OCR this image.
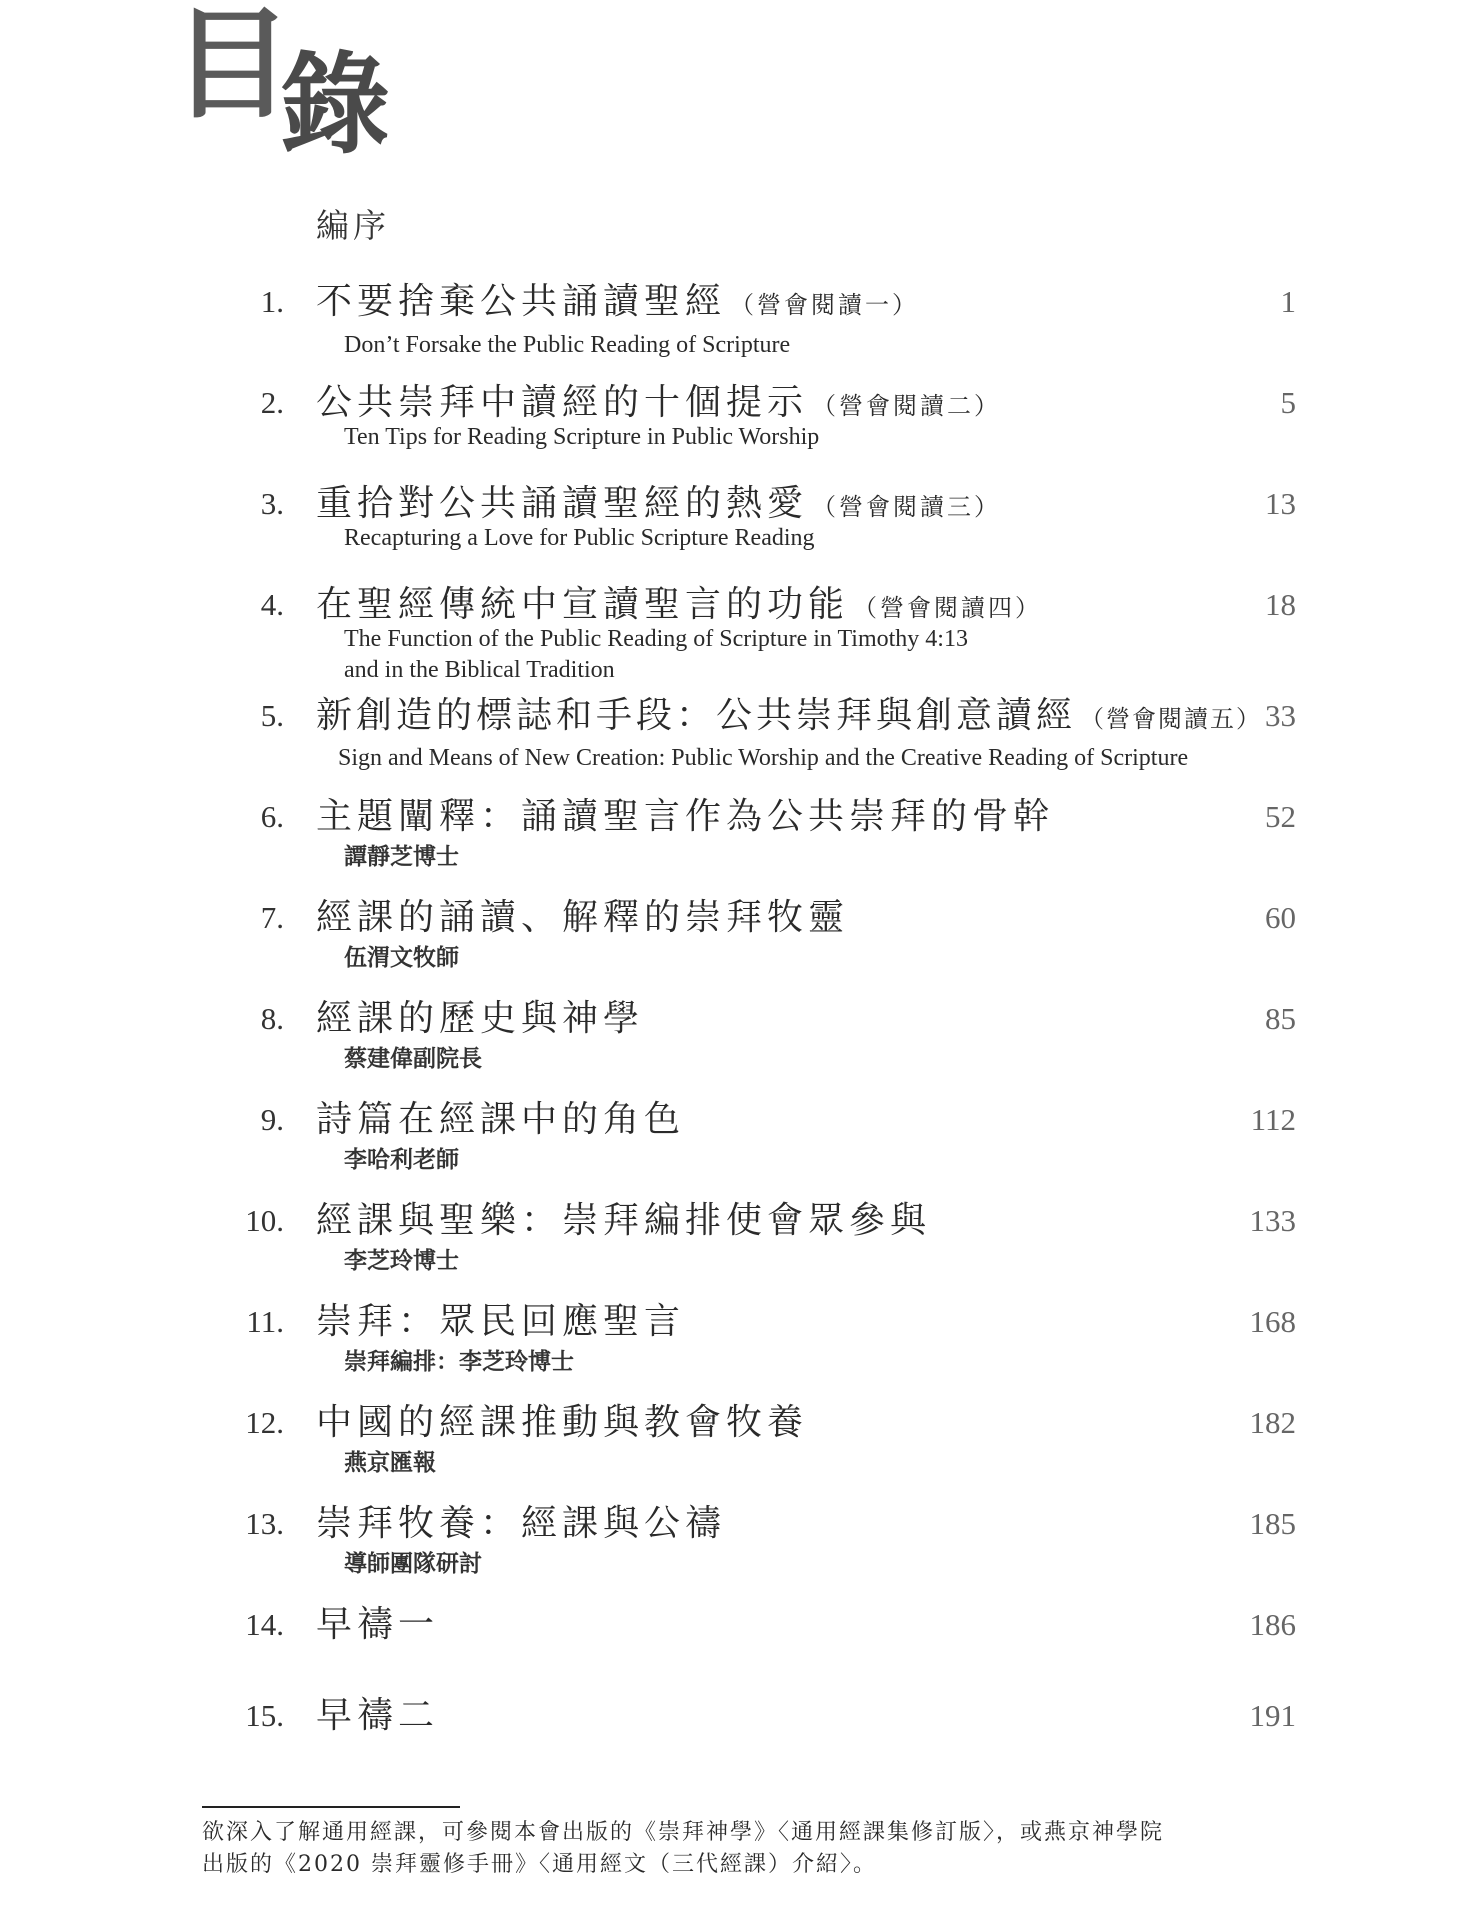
目
錄
編序
1. 不要捨棄公共誦讀聖經 （營會閱讀一）	1
Don’t Forsake the Public Reading of Scripture
2. 公共崇拜中讀經的十個提示 （營會閱讀二）	5
Ten Tips for Reading Scripture in Public Worship
3. 重拾對公共誦讀聖經的熱愛 （營會閱讀三）	13
Recapturing a Love for Public Scripture Reading
4. 在聖經傳統中宣讀聖言的功能 （營會閱讀四）	18
The Function of the Public Reading of Scripture in Timothy 4:13
and in the Biblical Tradition
5. 新創造的標誌和手段：公共崇拜與創意讀經 （營會閱讀五） 33
Sign and Means of New Creation: Public Worship and the Creative Reading of Scripture
6. 主題闡釋：誦讀聖言作為公共崇拜的骨幹	52
譚靜芝博士
7. 經課的誦讀、解釋的崇拜牧靈	60
伍渭文牧師
8. 經課的歷史與神學	85
蔡建偉副院長
9. 詩篇在經課中的角色	112
李哈利老師
10. 經課與聖樂：崇拜編排使會眾參與	133
李芝玲博士
11. 崇拜：眾民回應聖言	168
崇拜編排：李芝玲博士
12. 中國的經課推動與教會牧養	182
燕京匯報
13. 崇拜牧養：經課與公禱	185
導師團隊研討
14. 早禱一	186
15. 早禱二	191
欲深入了解通用經課，可參閱本會出版的《崇拜神學》〈通用經課集修訂版〉，或燕京神學院
出版的《2020 崇拜靈修手冊》〈通用經文（三代經課）介紹〉。
